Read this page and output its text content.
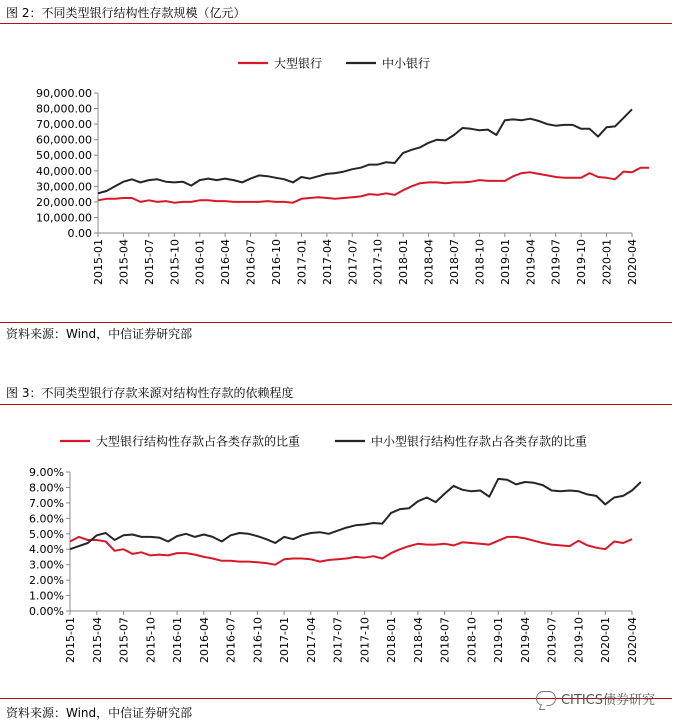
图 2：不同类型银行结构性存款规模（亿元）
大型银行	中小银行
0.00
10,000.00
20,000.00
30,000.00
40,000.00
50,000.00
60,000.00
70,000.00
80,000.00
90,000.00
2015-01 2015-04 2015-07 2015-10 2016-01 2016-04 2016-07 2016-10 2017-01 2017-04 2017-07 2017-10 2018-01 2018-04 2018-07 2018-10 2019-01 2019-04 2019-07 2019-10 2020-01 2020-04
资料来源：Wind，中信证券研究部
图 3：不同类型银行存款来源对结构性存款的依赖程度
大型银行结构性存款占各类存款的比重	中小型银行结构性存款占各类存款的比重
0.00%
1.00%
2.00%
3.00%
4.00%
5.00%
6.00%
7.00%
8.00%
9.00%
2015-01 2015-04 2015-07 2015-10 2016-01 2016-04 2016-07 2016-10 2017-01 2017-04 2017-07 2017-10 2018-01 2018-04 2018-07 2018-10 2019-01 2019-04 2019-07 2019-10 2020-01 2020-04
资料来源：Wind，中信证券研究部
CITICS债券研究
